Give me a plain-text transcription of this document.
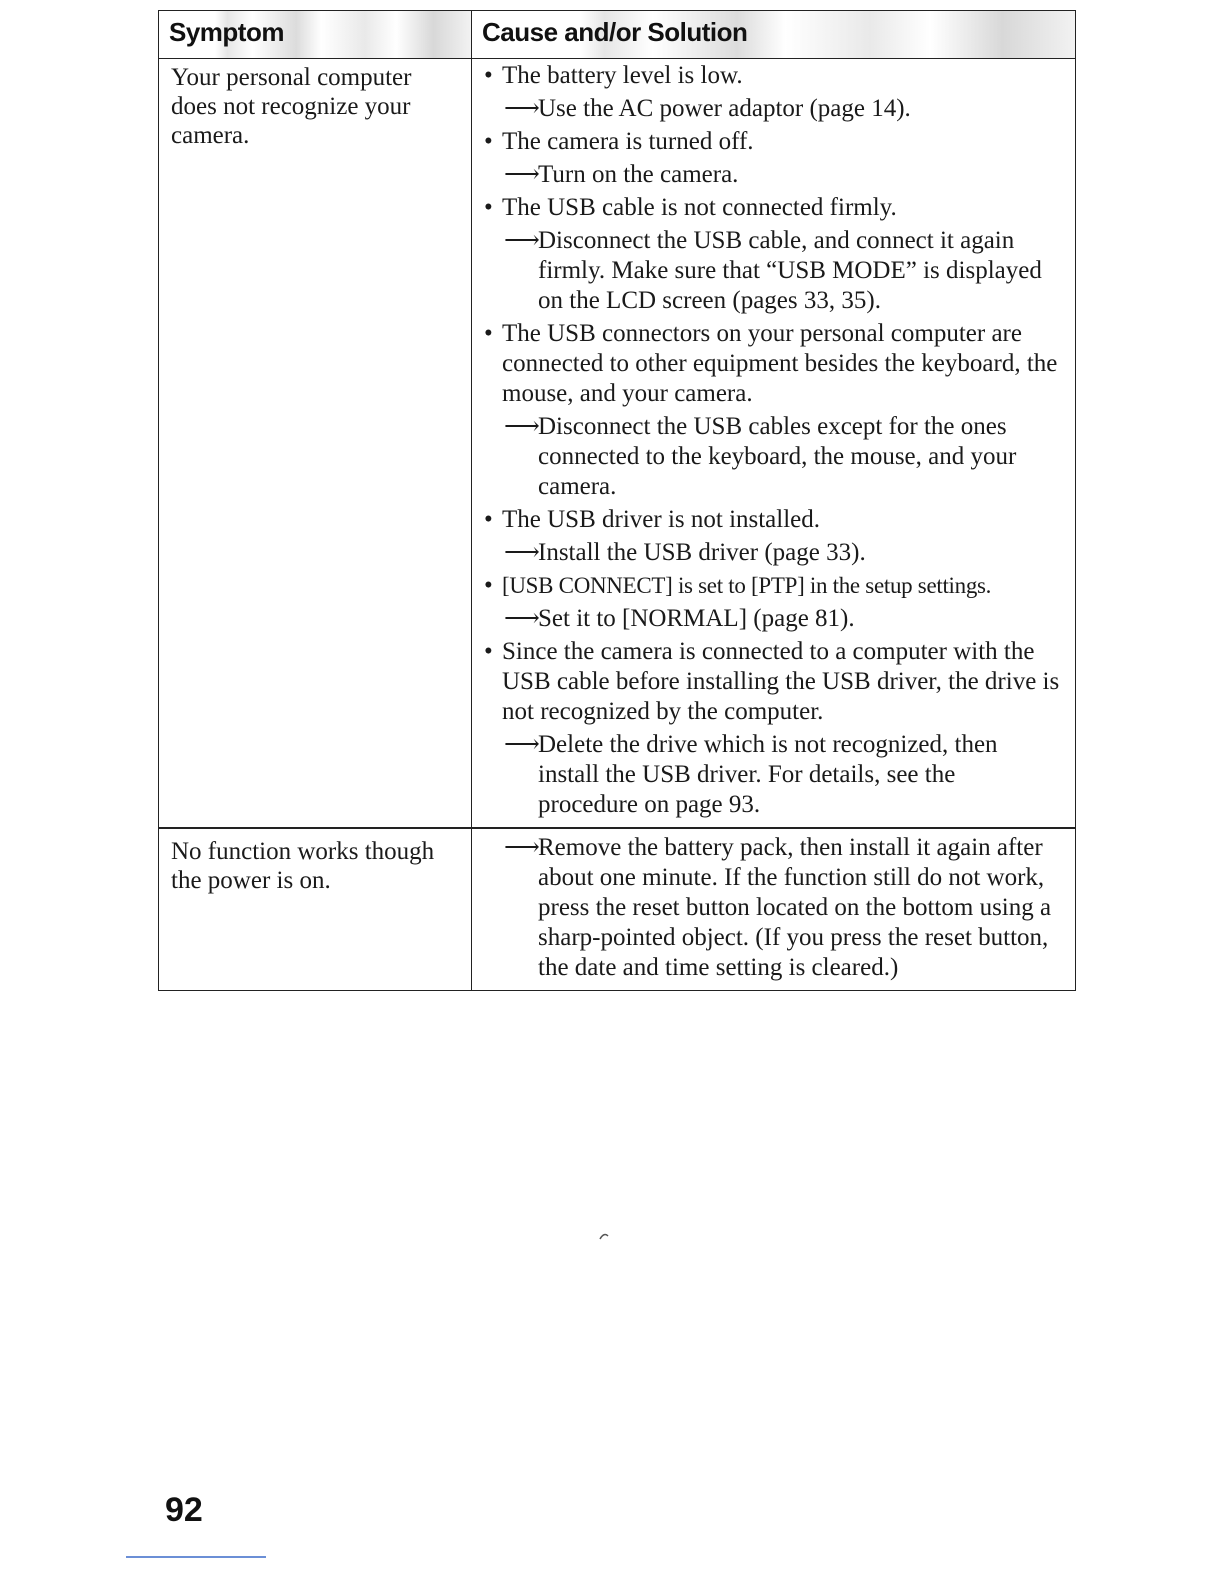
Symptom	Cause and/or Solution
Your personal computer does not recognize your camera.
• The battery level is low.
⟶
Use the AC power adaptor (page 14).
• The camera is turned off.
⟶
Turn on the camera.
• The USB cable is not connected firmly.
⟶
Disconnect the USB cable, and connect it again firmly. Make sure that “USB MODE” is displayed on the LCD screen (pages 33, 35).
• The USB connectors on your personal computer are connected to other equipment besides the keyboard, the mouse, and your camera.
⟶
Disconnect the USB cables except for the ones connected to the keyboard, the mouse, and your camera.
• The USB driver is not installed.
⟶
Install the USB driver (page 33).
• [USB CONNECT] is set to [PTP] in the setup settings.
⟶
Set it to [NORMAL] (page 81).
• Since the camera is connected to a computer with the USB cable before installing the USB driver, the drive is not recognized by the computer.
⟶
Delete the drive which is not recognized, then install the USB driver. For details, see the procedure on page 93.
No function works though the power is on.
⟶
Remove the battery pack, then install it again after about one minute. If the function still do not work, press the reset button located on the bottom using a sharp-pointed object. (If you press the reset button, the date and time setting is cleared.)
92
